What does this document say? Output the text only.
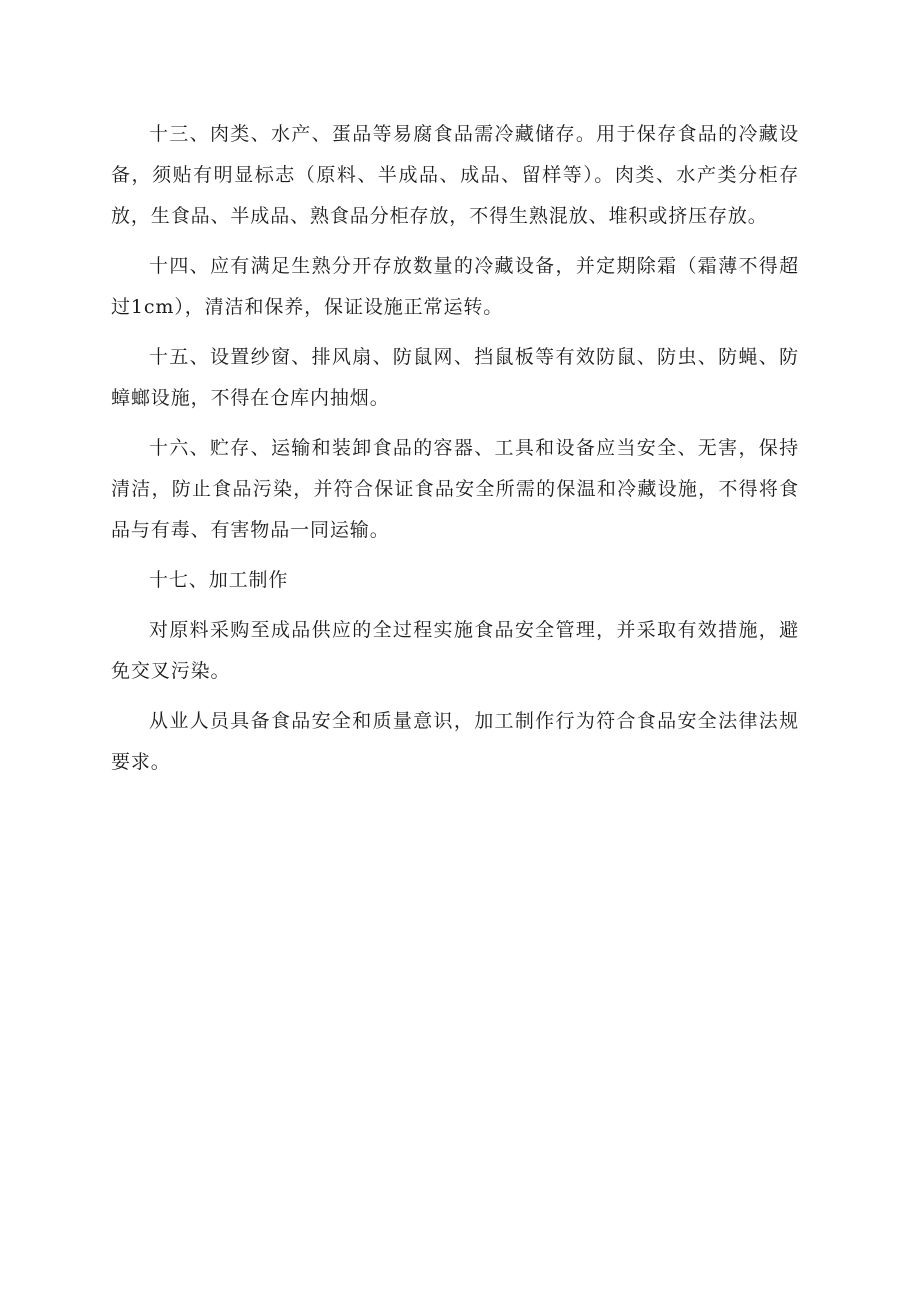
十三、肉类、水产、蛋品等易腐食品需冷藏储存。用于保存食品的冷藏设备，须贴有明显标志（原料、半成品、成品、留样等）。肉类、水产类分柜存放，生食品、半成品、熟食品分柜存放，不得生熟混放、堆积或挤压存放。

十四、应有满足生熟分开存放数量的冷藏设备，并定期除霜（霜薄不得超过1cm），清洁和保养，保证设施正常运转。

十五、设置纱窗、排风扇、防鼠网、挡鼠板等有效防鼠、防虫、防蝇、防蟑螂设施，不得在仓库内抽烟。

十六、贮存、运输和装卸食品的容器、工具和设备应当安全、无害，保持清洁，防止食品污染，并符合保证食品安全所需的保温和冷藏设施，不得将食品与有毒、有害物品一同运输。

十七、加工制作

对原料采购至成品供应的全过程实施食品安全管理，并采取有效措施，避免交叉污染。

从业人员具备食品安全和质量意识，加工制作行为符合食品安全法律法规要求。
